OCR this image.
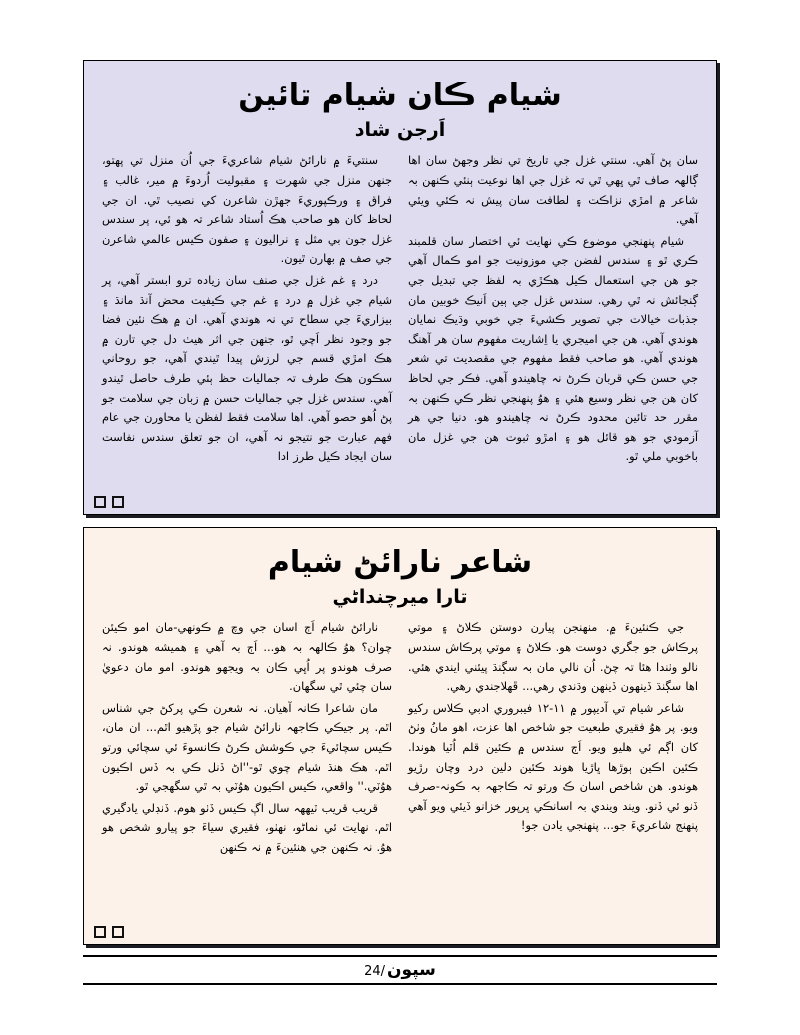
شيام ڪان شيام تائين
اَرجن شاد

سنتيءَ ۾ نارائڻ شيام شاعريءَ جي اُن منزل تي پهتو، جنهن منزل جي شهرت ۽ مقبوليت اُردوءَ ۾ مير، غالب ۽ فراق ۽ ورڪپوريءَ جهڙن شاعرن کي نصيب ٿي. ان جي لحاظ کان هو صاحب هڪ اُستاد شاعر تہ هو ئي، پر سندس غزل جون بي مثل ۽ نراليون ۽ صفون ڪيس عالمي شاعرن جي صف ۾ بهارن ٿيون.

درد ۽ غم غزل جي صنف سان زياده ترو ابستر آهي، پر شيام جي غزل ۾ درد ۽ غم جي ڪيفيت محض آنڌ مانڌ ۽ بيزاريءَ جي سطاح تي نہ هوندي آهي. ان ۾ هڪ نئين فضا جو وجود نظر اَچي ٿو، جنهن جي اثر هيٺ دل جي تارن ۾ هڪ امڙي قسم جي لرزش پيدا ٿيندي آهي، جو روحاني سڪون هڪ طرف تہ جماليات حظ ٻئي طرف حاصل ٿيندو آهي. سندس غزل جي جماليات حسن ۾ زبان جي سلامت جو پڻ اُهو حصو آهي. اها سلامت فقط لفظن يا محاورن جي عام فهم عبارت جو نتيجو نہ آهي، ان جو تعلق سندس نفاست سان ايجاد ڪيل طرز ادا

سان پڻ آهي. سنتي غزل جي تاريخ تي نظر وجهڻ سان اها ڳالهہ صاف ٿي ڀهي ٿي تہ غزل جي اها نوعيت ٻنئي ڪنهن بہ شاعر ۾ امڙي نزاڪت ۽ لطافت سان پيش نہ ڪئي ويئي آهي.

شيام پنهنجي موضوع ڪي نهايت ئي اختصار سان قلمبند ڪري ٿو ۽ سندس لفضن جي موزونيت جو امو ڪمال آهي جو هن جي استعمال ڪيل هڪڙي بہ لفظ جي تبديل جي ڳنجائش نہ ٿي رهي. سندس غزل جي ٻين اَنيڪ خوبين مان جذبات خيالات جي تصوير ڪشيءَ جي خوبي وڌيڪ نمايان هوندي آهي. هن جي اميجري يا اِشاريت مفهوم سان هر آهنگ هوندي آهي. هو صاحب فقط مفهوم جي مقصديت تي شعر جي حسن ڪي قربان ڪرڻ نہ چاهيندو آهي. فڪر جي لحاظ کان هن جي نظر وسيع هئي ۽ هوُ پنهنجي نظر ڪي ڪنهن بہ مقرر حد تائين محدود ڪرڻ نہ چاهيندو هو. دنيا جي هر آزمودي جو هو قائل هو ۽ امڙو ثبوت هن جي غزل مان باخوبي ملي ٿو.

شاعر نارائڻ شيام
تارا ميرچنداڻي

نارائڻ شيام اَڄ اسان جي وچ ۾ ڪونهي-مان امو ڪيئن چوان؟ هوُ ڪالهہ بہ هو... اَڄ بہ آهي ۽ هميشه هوندو. نہ صرف هوندو پر اُڀي ڪان بہ ويجهو هوندو. امو مان دعويٰ سان چئي ٿي سگهان.

مان شاعرا ڪانہ آهيان. نہ شعرن ڪي پرکڻ جي شناس اٿم. پر جيڪي ڪاجهہ نارائڻ شيام جو پڙهيو اٿم... ان مان، ڪيس سچائيءَ جي ڪوشش ڪرڻ ڪانسوءَ ئي سچائي ورتو اٿم. هڪ هنڌ شيام چوي ٿو-''اڻ ڏنل ڪي بہ ڏس اڪيون هوُٽي.'' واقعي، ڪيس اڪيون هوُٽي بہ ٿي سگهجي ٿو.

قريب قريب ٽيههہ سال اڳ ڪيس ڏٺو هوم. ڏنڊلي يادگيري اٿم. نهايت ئي نماڻو، نهٺو، فقيري سياءَ جو پيارو شخص هو هوُ. نہ ڪنهن جي هنئينءَ ۾ نہ ڪنهن

جي ڪنئينءَ ۾. منهنجن پيارن دوستن ڪلاڻ ۽ موتي پرڪاش جو جگري دوست هو. ڪلاڻ ۽ موتي پرڪاش سندس نالو وٺندا هئا تہ چڻ. اُن نالي مان بہ سڳنڌ پيئني ايندي هئي. اها سڳنڌ ڏينهون ڏينهن وڌندي رهي... ڦهلاجندي رهي.

شاعر شيام تي آديپور ۾ ١١-١٢ فيبروري ادبي ڪلاس رکيو ويو. پر هوُ فقيري طبعيت جو شاخص اها عزت، اهو مانُ وٺڻ کان اڳم ئي هليو ويو. اَڄ سندس ۾ ڪئين قلم اُٽيا هوندا. ڪئين اڪين ٻوڙها ڀاڙيا هوند ڪئين دلين درد وچان رڙيو هوندو. هن شاخص اسان ڪ ورتو تہ ڪاجهہ بہ ڪونہ-صرف ڏنو ئي ڏنو. ويند ويندي بہ اسانڪي ڀرپور خزانو ڏيئي ويو آهي پنهنج شاعريءَ جو... پنهنجي يادن جو!

سپون
24/
